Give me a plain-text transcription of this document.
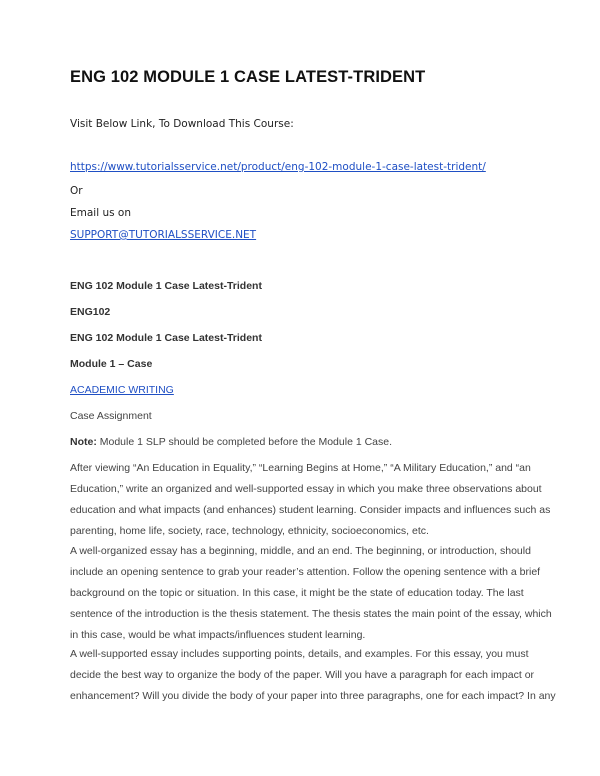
ENG 102 MODULE 1 CASE LATEST-TRIDENT
Visit Below Link, To Download This Course:
https://www.tutorialsservice.net/product/eng-102-module-1-case-latest-trident/
Or
Email us on
SUPPORT@TUTORIALSSERVICE.NET
ENG 102 Module 1 Case Latest-Trident
ENG102
ENG 102 Module 1 Case Latest-Trident
Module 1 – Case
ACADEMIC WRITING
Case Assignment
Note: Module 1 SLP should be completed before the Module 1 Case.
After viewing “An Education in Equality,” “Learning Begins at Home,” “A Military Education,” and “an
Education,” write an organized and well-supported essay in which you make three observations about
education and what impacts (and enhances) student learning. Consider impacts and influences such as
parenting, home life, society, race, technology, ethnicity, socioeconomics, etc.
A well-organized essay has a beginning, middle, and an end. The beginning, or introduction, should
include an opening sentence to grab your reader’s attention. Follow the opening sentence with a brief
background on the topic or situation. In this case, it might be the state of education today. The last
sentence of the introduction is the thesis statement. The thesis states the main point of the essay, which
in this case, would be what impacts/influences student learning.
A well-supported essay includes supporting points, details, and examples. For this essay, you must
decide the best way to organize the body of the paper. Will you have a paragraph for each impact or
enhancement? Will you divide the body of your paper into three paragraphs, one for each impact? In any
